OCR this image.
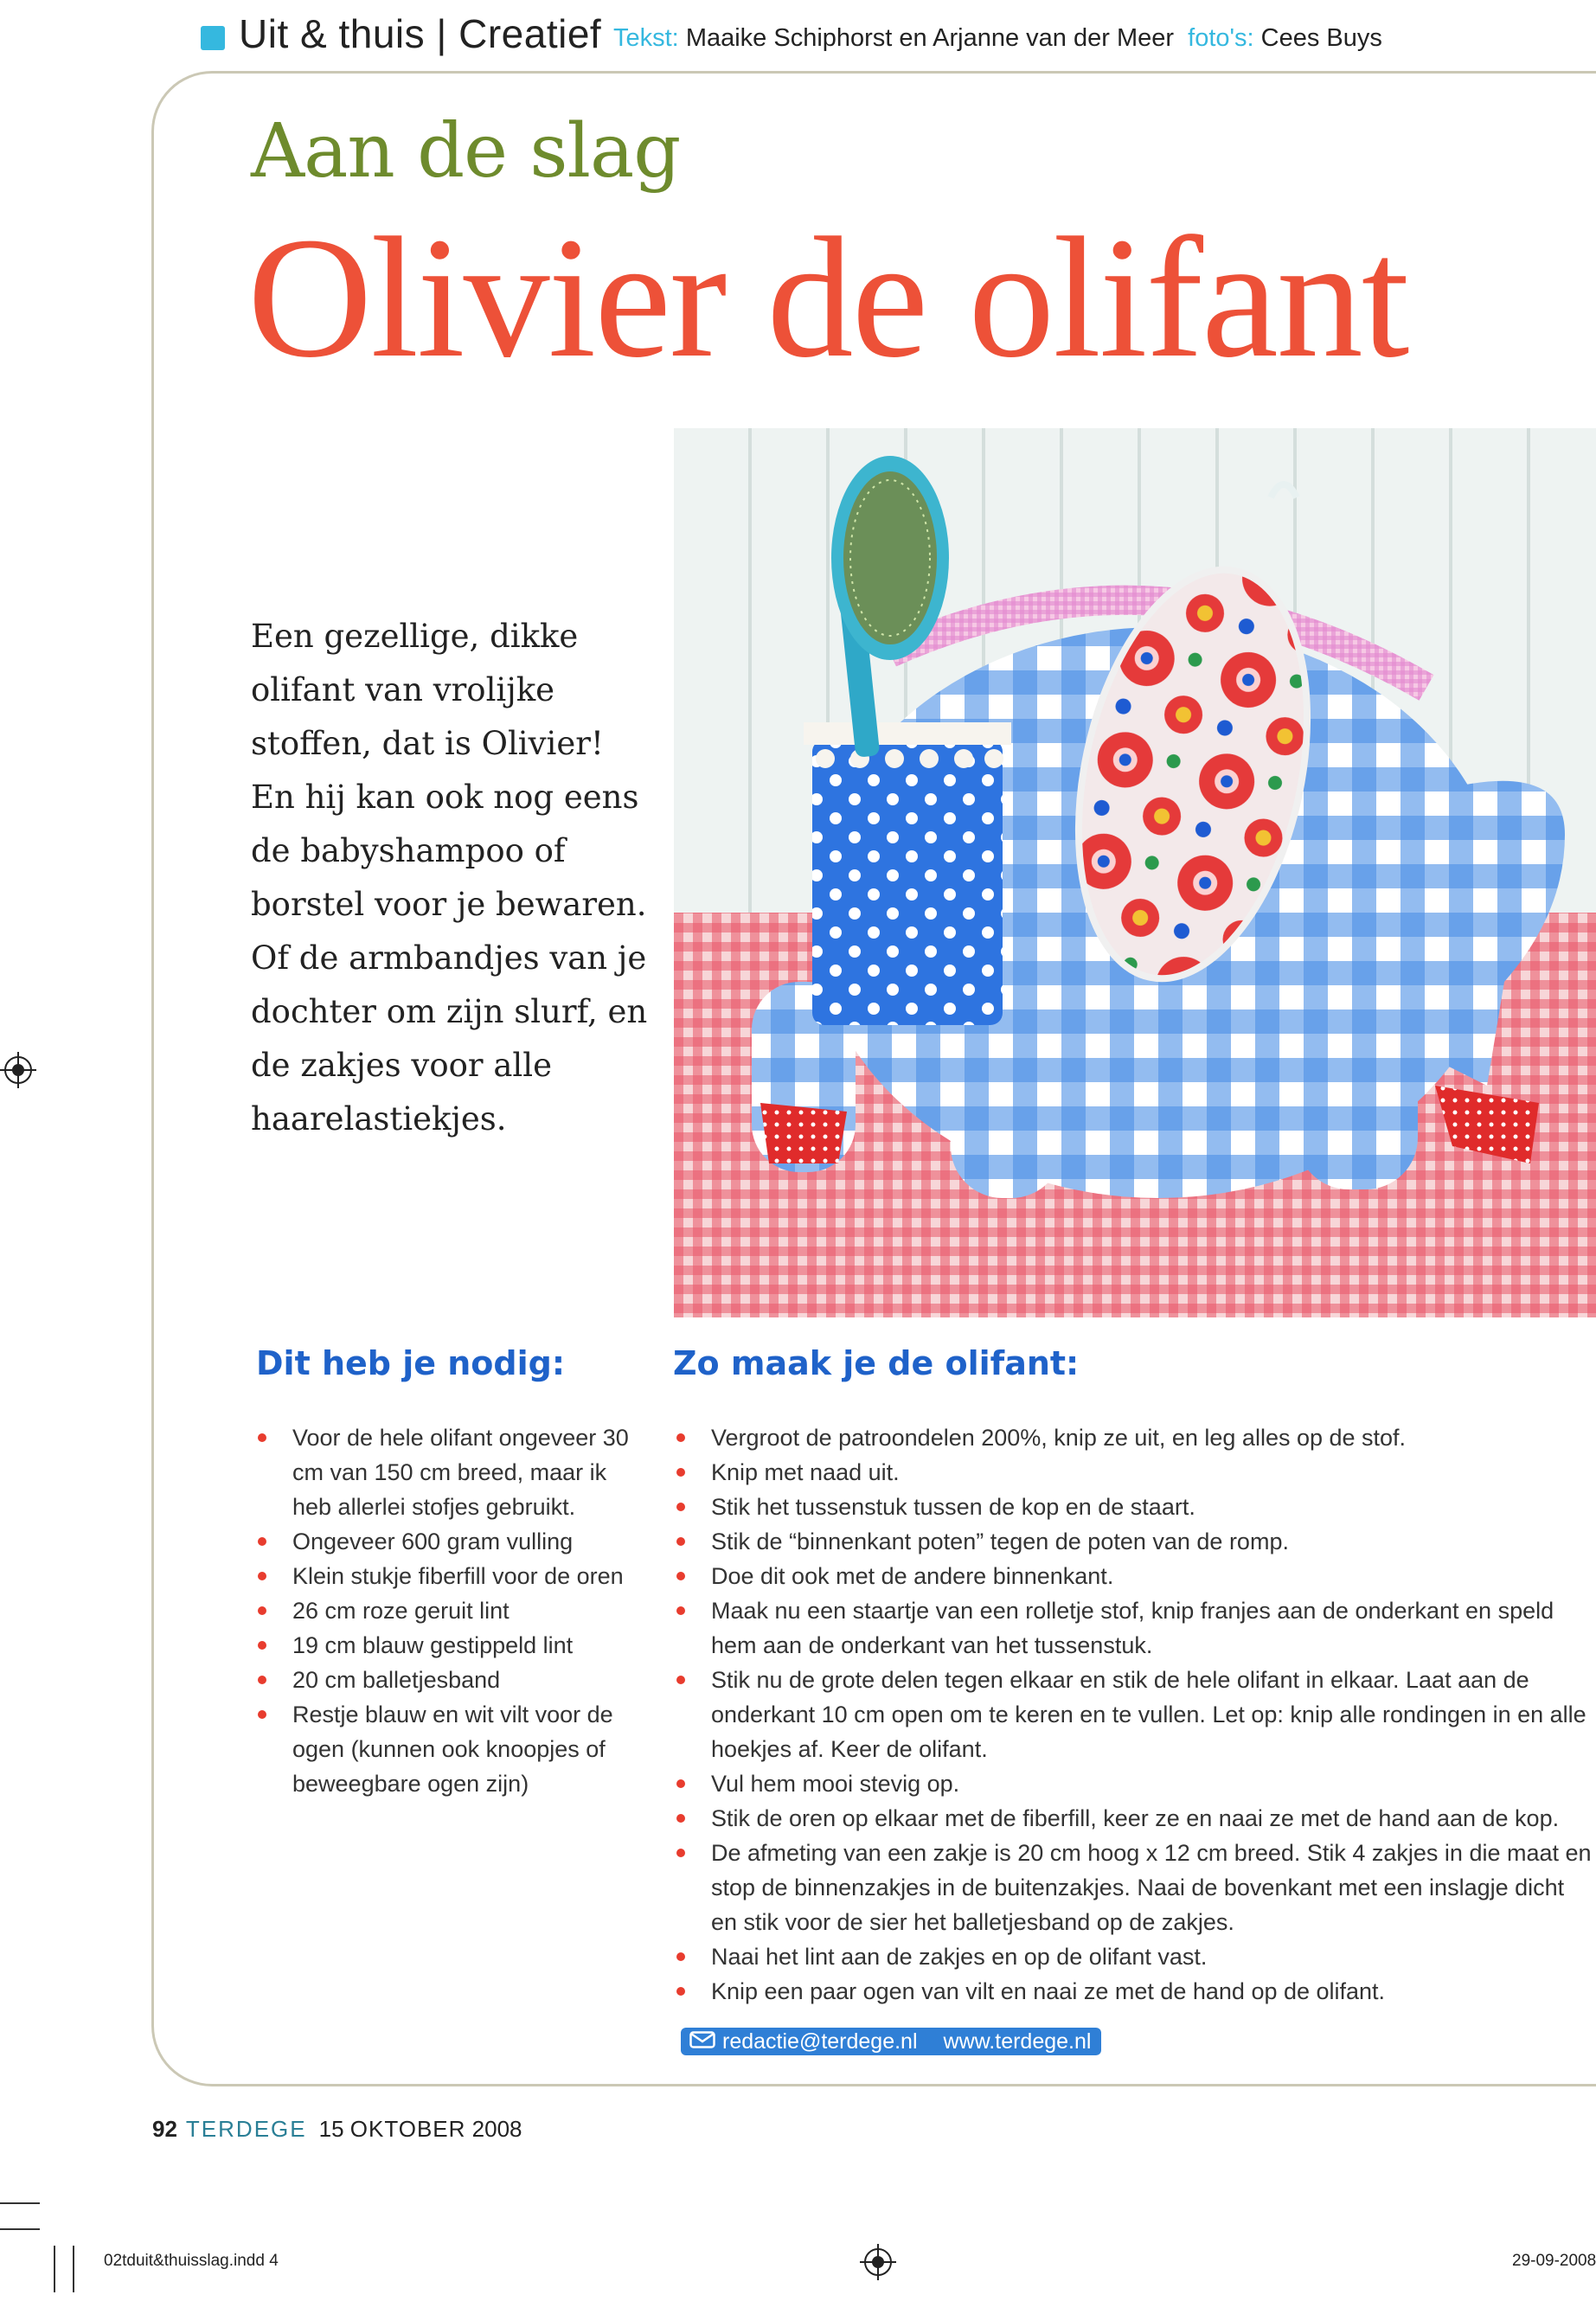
Uit & thuis | Creatief Tekst: Maaike Schiphorst en Arjanne van der Meer foto's: Cees Buys
Aan de slag
Olivier de olifant
Een gezellige, dikke olifant van vrolijke stoffen, dat is Olivier! En hij kan ook nog eens de babyshampoo of borstel voor je bewaren. Of de armbandjes van je dochter om zijn slurf, en de zakjes voor alle haarelastiekjes.
Dit heb je nodig:
Voor de hele olifant ongeveer 30 cm van 150 cm breed, maar ik heb allerlei stofjes gebruikt.
Ongeveer 600 gram vulling
Klein stukje fiberfill voor de oren
26 cm roze geruit lint
19 cm blauw gestippeld lint
20 cm balletjesband
Restje blauw en wit vilt voor de ogen (kunnen ook knoopjes of beweegbare ogen zijn)
Zo maak je de olifant:
Vergroot de patroondelen 200%, knip ze uit, en leg alles op de stof.
Knip met naad uit.
Stik het tussenstuk tussen de kop en de staart.
Stik de “binnenkant poten” tegen de poten van de romp.
Doe dit ook met de andere binnenkant.
Maak nu een staartje van een rolletje stof, knip franjes aan de onderkant en speld hem aan de onderkant van het tussenstuk.
Stik nu de grote delen tegen elkaar en stik de hele olifant in elkaar. Laat aan de onderkant 10 cm open om te keren en te vullen. Let op: knip alle rondingen in en alle hoekjes af. Keer de olifant.
Vul hem mooi stevig op.
Stik de oren op elkaar met de fiberfill, keer ze en naai ze met de hand aan de kop.
De afmeting van een zakje is 20 cm hoog x 12 cm breed. Stik 4 zakjes in die maat en stop de binnenzakjes in de buitenzakjes. Naai de bovenkant met een inslagje dicht en stik voor de sier het balletjesband op de zakjes.
Naai het lint aan de zakjes en op de olifant vast.
Knip een paar ogen van vilt en naai ze met de hand op de olifant.
redactie@terdege.nl www.terdege.nl
92 TERDEGE 15 OKTOBER 2008
02tduit&thuisslag.indd 4	29-09-2008
